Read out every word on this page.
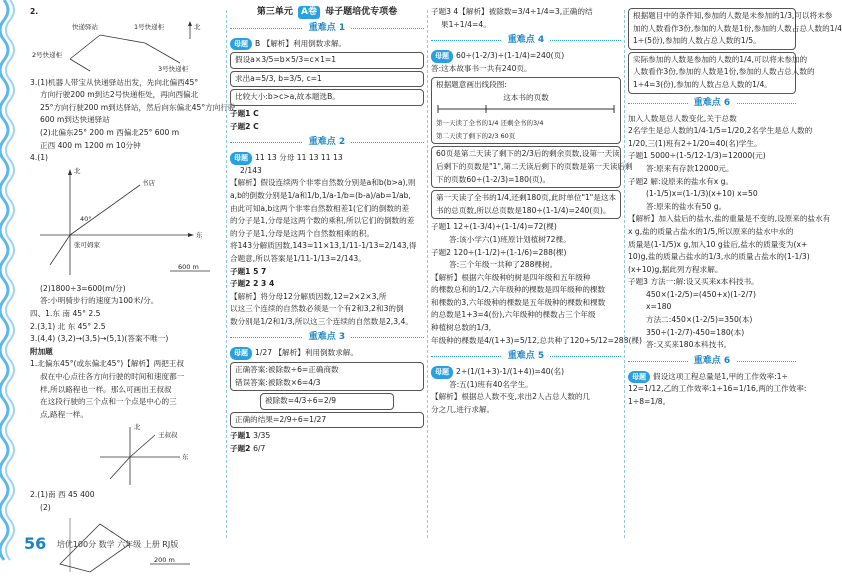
2.
快递驿站	1号快递柜
2号快递柜
3号快递柜
北
3.(1)机器人带宝从快递驿站出发，先向北偏西45°
方向行驶200 m到达2号快递柜处，再向西偏北
25°方向行驶200 m到达驿站，然后向东偏北45°方向行驶
600 m到达快递驿站
(2)北偏东25° 200 m 西偏北25° 600 m
正西 400 m 1200 m 10分钟
4.(1)
北
书店
东
张可姆家
40°
600 m
(2)1800÷3=600(m/分)
答:小明骑步行的速度为100米/分。
四、1.东 南 45° 2.5
2.(3,1) 北 东 45° 2.5
3.(4,4) (3,2)→(3,5)→(5,1)(答案不唯一)
附加题
1.北偏东45°(或东偏北45°)【解析】两把王叔
叔在中心点往各方向行驶的时间和速度都一
样,所以路程也一样。那么可画出王叔叔
在这段行驶的三个点和一个点是中心的三
点,路程一样。
王叔叔
北
东
2.(1)南 西 45 400
(2)
200 m
第三单元 A卷 母子题培优专项卷
重难点 1
母题 B 【解析】利用倒数求解。
假设a×3/5=b×5/3=c×1=1
求出a=5/3, b=3/5, c=1
比较大小:b>c>a,故本题选B。
子题1 C
子题2 C
重难点 2
母题 11 13 分母 11 13 11 13
2/143
【解析】假设连续两个非零自然数分别是a和b(b>a),则
a,b的倒数分别是1/a和1/b,1/a-1/b=(b-a)/ab=1/ab,
由此可知a,b这两个非零自然数相差1(它们的倒数的差
的分子是1,分母是这两个数的乘积,所以它们的倒数的差
的分子是1,分母是这两个自然数相乘的积。
将143分解质因数,143=11×13,1/11-1/13=2/143,得
合题意,所以答案是1/11-1/13=2/143。
子题1 5 7
子题2 2 3 4
【解析】将分母12分解质因数,12=2×2×3,所
以这三个连续的自然数必须是一个有2和3,2和3的倒
数分别是1/2和1/3,所以这三个连续的自然数是2,3,4。
重难点 3
母题 1/27 【解析】利用倒数求解。
正确答案:被除数÷6=正确商数
错误答案:被除数×6=4/3
被除数=4/3÷6=2/9
正确的结果=2/9÷6=1/27
子题1 3/35
子题2 6/7
子题3 4【解析】被除数=3/4÷1/4=3,正确的结
果1÷1/4=4。
重难点 4
母题 60÷(1-2/3)÷(1-1/4)=240(页)
答:这本故事书一共有240页。
根据题意画出线段图:
这本书的页数
第一天读了全书的1/4 还剩全书的3/4
第二天读了剩下的2/3 60页
60页是第二天读了剩下的2/3后的剩余页数,设第一天读
后剩下的页数是"1",第二天读后剩下的页数是第一天读后剩
下的页数60÷(1-2/3)=180(页)。
第一天读了全书的1/4,还剩180页,此时单位"1"是这本
书的总页数,所以总页数是180÷(1-1/4)=240(页)。
子题1 12÷(1-3/4)÷(1-1/4)=72(棵)
答:该小学六(1)班原计划植树72棵。
子题2 120÷(1-1/2)÷(1-1/6)=288(棵)
答:三个年级一共种了288棵树。
【解析】根据六年级种的树是四年级和五年级种
的棵数总和的1/2,六年级种的棵数是四年级种的棵数
和棵数的3,六年级种的棵数是五年级种的棵数和棵数
的总数是1+3=4(份),六年级种的棵数占三个年级
种植树总数的1/3,
年级种的棵数是4/(1+3)=5/12,总共种了120÷5/12=288(棵)
重难点 5
母题 2÷(1/(1+3)-1/(1+4))=40(名)
答:五(1)班有40名学生。
【解析】根据总人数不变,求出2人占总人数的几
分之几,进行求解。
根据题目中的条件知,参加的人数是未参加的1/3,可以将未参
加的人数看作3份,参加的人数是1份,参加的人数占总人数的1/4
1÷(5份),参加的人数占总人数的1/5。
实际参加的人数是参加的人数的1/4,可以将未参加的
人数看作3份,参加的人数是1份,参加的人数占总人数的
1÷4=3(份),参加的人数占总人数的1/4。
重难点 6
加入人数是总人数变化,关于总数
2名学生是总人数的1/4-1/5=1/20,2名学生是总人数的
1/20,三(1)班有2÷1/20=40(名)学生。
子题1 5000÷(1-5/12-1/3)=12000(元)
答:原来有存款12000元。
子题2 解:设原来的盐水有x g。
(1-1/5)x=(1-1/3)(x+10) x=50
答:原来的盐水有50 g。
【解析】加入盐后的盐水,盐的重量是不变的,设原来的盐水有
x g,盐的质量占盐水的1/5,所以原来的盐水中水的
质量是(1-1/5)x g,加入10 g盐后,盐水的质量变为(x+
10)g,盐的质量占盐水的1/3,水的质量占盐水的(1-1/3)
(x+10)g,据此列方程求解。
子题3 方法一:解:设又买来x本科技书。
450×(1-2/5)=(450+x)(1-2/7)
x=180
方法二:450×(1-2/5)=350(本)
350÷(1-2/7)-450=180(本)
答:又买来180本科技书。
重难点 6
母题 假设这项工程总量是1,甲的工作效率:1÷
12=1/12,乙的工作效率:1÷16=1/16,两的工作效率:
1÷8=1/8。
56 培优100分 数学 六年级 上册 RJ版
